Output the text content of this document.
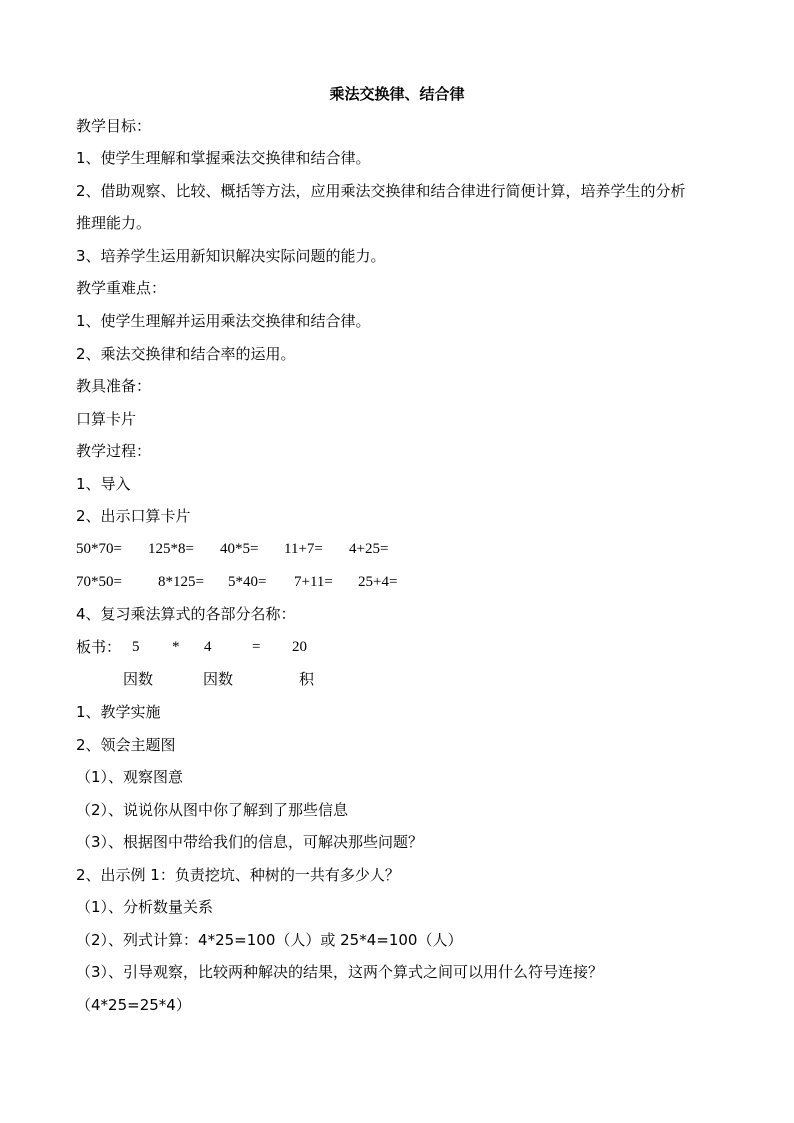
乘法交换律、结合律
教学目标：
1、使学生理解和掌握乘法交换律和结合律。
2、借助观察、比较、概括等方法，应用乘法交换律和结合律进行简便计算，培养学生的分析
推理能力。
3、培养学生运用新知识解决实际问题的能力。
教学重难点：
1、使学生理解并运用乘法交换律和结合律。
2、乘法交换律和结合率的运用。
教具准备：
口算卡片
教学过程：
1、导入
2、出示口算卡片
50*70= 125*8= 40*5= 11+7= 4+25=
70*50= 8*125= 5*40= 7+11= 25+4=
4、复习乘法算式的各部分名称：
板书： 5 * 4	= 20
因数	因数	积
1、教学实施
2、领会主题图
（1）、观察图意
（2）、说说你从图中你了解到了那些信息
（3）、根据图中带给我们的信息，可解决那些问题？
2、出示例 1：负责挖坑、种树的一共有多少人？
（1）、分析数量关系
（2）、列式计算：4*25=100（人）或 25*4=100（人）
（3）、引导观察，比较两种解决的结果，这两个算式之间可以用什么符号连接？
（4*25=25*4）
